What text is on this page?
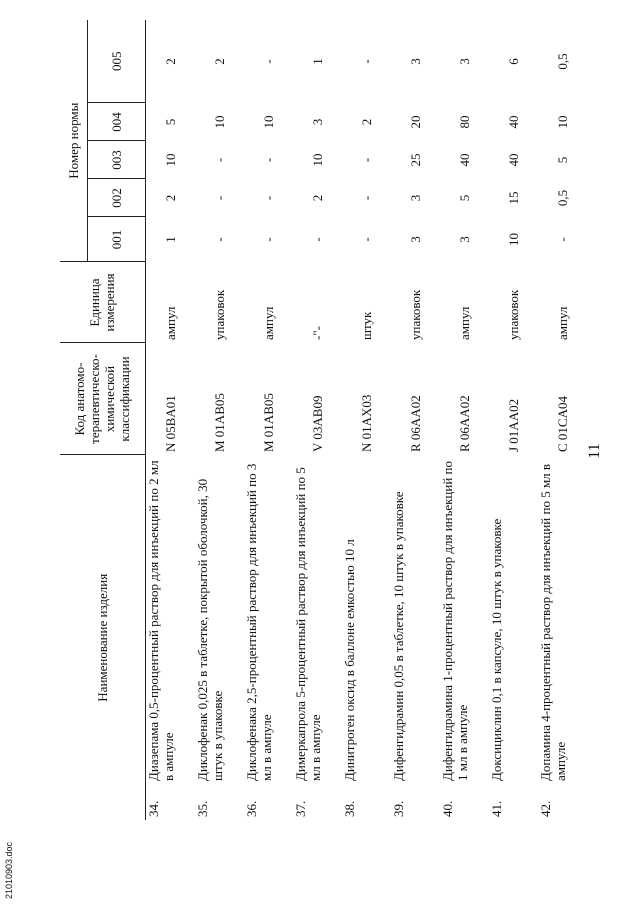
11
Наименование изделия	
Код анатомо- терапевтическо- химической классификации

Единица измерения
	Номер нормы
001	002	003	004	005

34.	Диазепама 0,5-процентный раствор для инъекций по 2 мл в ампуле
	N 05BA01	ампул	1	2	10	5	2

35.	Диклофенак 0,025 в таблетке, покрытой оболочкой, 30 штук в упаковке
	M 01AB05	упаковок	-	-	-	10	2

36.	Диклофенака 2,5-процентный раствор для инъекций по 3 мл в ампуле
	M 01AB05	ампул	-	-	-	10	-

37.	Димеркапрола 5-процентный раствор для инъекций по 5 мл в ампуле
	V 03AB09	-"-	-	2	10	3	1

38.	Динитроген оксид в баллоне емкостью 10 л
	N 01AX03	штук	-	-	-	2	-

39.	Дифенгидрамин 0,05 в таблетке, 10 штук в упаковке
	R 06AA02	упаковок	3	3	25	20	3

40.	Дифенгидрамина 1-процентный раствор для инъекций по 1 мл в ампуле
	R 06AA02	ампул	3	5	40	80	3

41.	Доксициклин 0,1 в капсуле, 10 штук в упаковке
	J 01AA02	упаковок	10	15	40	40	6

42.	Допамина 4-процентный раствор для инъекций по 5 мл в ампуле
	C 01CA04	ампул	-	0,5	5	10	0,5
21010903.doc
